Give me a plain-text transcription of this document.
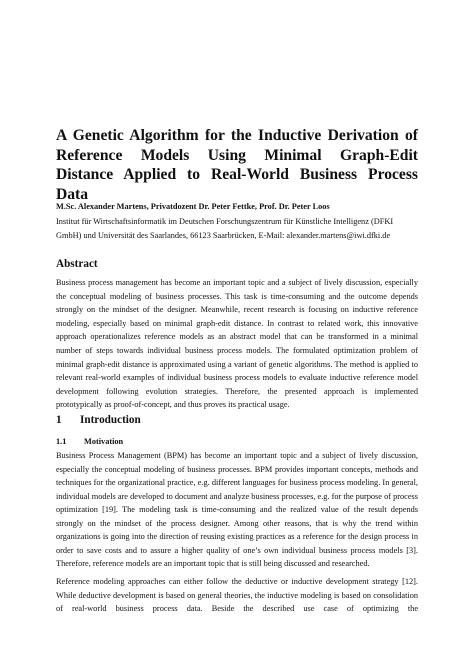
A Genetic Algorithm for the Inductive Derivation of Reference Models Using Minimal Graph-Edit Distance Applied to Real-World Business Process Data

M.Sc. Alexander Martens, Privatdozent Dr. Peter Fettke, Prof. Dr. Peter Loos

Institut für Wirtschaftsinformatik im Deutschen Forschungszentrum für Künstliche Intelligenz (DFKI GmbH) und Universität des Saarlandes, 66123 Saarbrücken, E-Mail: alexander.martens@iwi.dfki.de

Abstract

Business process management has become an important topic and a subject of lively discussion, especially the conceptual modeling of business processes. This task is time-consuming and the outcome depends strongly on the mindset of the designer. Meanwhile, recent research is focusing on inductive reference modeling, especially based on minimal graph-edit distance. In contrast to related work, this innovative approach operationalizes reference models as an abstract model that can be transformed in a minimal number of steps towards individual business process models. The formulated optimization problem of minimal graph-edit distance is approximated using a variant of genetic algorithms. The method is applied to relevant real-world examples of individual business process models to evaluate inductive reference model development following evolution strategies. Therefore, the presented approach is implemented prototypically as proof-of-concept, and thus proves its practical usage.

1 Introduction
1.1 Motivation

Business Process Management (BPM) has become an important topic and a subject of lively discussion, especially the conceptual modeling of business processes. BPM provides important concepts, methods and techniques for the organizational practice, e.g. different languages for business process modeling. In general, individual models are developed to document and analyze business processes, e.g. for the purpose of process optimization [19]. The modeling task is time-consuming and the realized value of the result depends strongly on the mindset of the process designer. Among other reasons, that is why the trend within organizations is going into the direction of reusing existing practices as a reference for the design process in order to save costs and to assure a higher quality of one’s own individual business process models [3]. Therefore, reference models are an important topic that is still being discussed and researched.

Reference modeling approaches can either follow the deductive or inductive development strategy [12]. While deductive development is based on general theories, the inductive modeling is based on consolidation of real-world business process data. Beside the described use case of optimizing the
